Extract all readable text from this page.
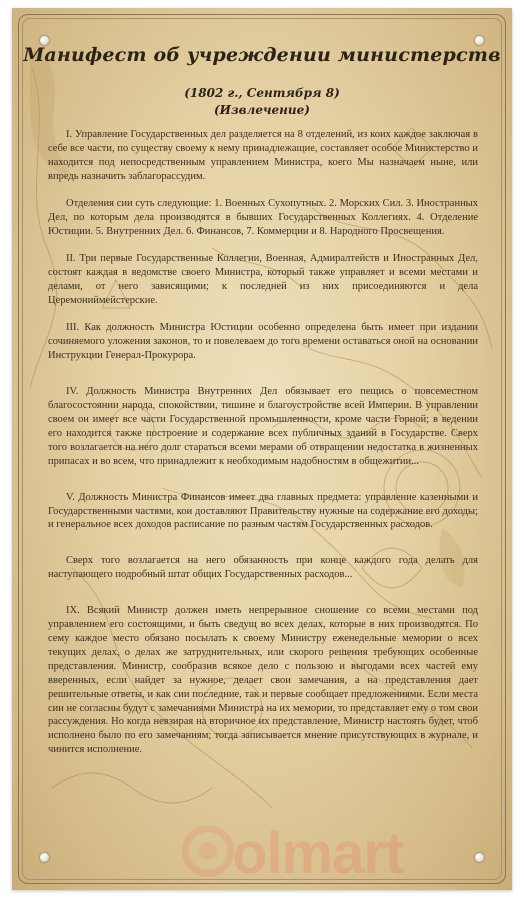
Манифест об учреждении министерств
(1802 г., Сентября 8)
(Извлечение)

I. Управление Государственных дел разделяется на 8 отделений, из коих каждое заключая в себе все части, по существу своему к нему принадлежащие, составляет особое Министерство и находится под непосредственным управлением Министра, коего Мы назначаем ныне, или впредь назначить заблагорассудим.

Отделения сии суть следующие: 1. Военных Сухопутных. 2. Морских Сил. 3. Иностранных Дел, по которым дела производятся в бывших Государственных Коллегиях. 4. Отделение Юстиции. 5. Внутренних Дел. 6. Финансов, 7. Коммерции и 8. Народного Просвещения.

II. Три первые Государственные Коллегии, Военная, Адмиралтейств и Иностранных Дел, состоят каждая в ведомстве своего Министра, который также управляет и всеми местами и делами, от него зависящими; к последней из них присоединяются и дела Церемониймейстерские.

III. Как должность Министра Юстиции особенно определена быть имеет при издании сочиняемого уложения законов, то и повелеваем до того времени оставаться оной на основании Инструкции Генерал-Прокурора.

IV. Должность Министра Внутренних Дел обязывает его пещись о повсеместном благосостоянии народа, спокойствии, тишине и благоустройстве всей Империи. В управлении своем он имеет все части Государственной промышленности, кроме части Горной; в ведении его находится также построение и содержание всех публичных зданий в Государстве. Сверх того возлагается на него долг стараться всеми мерами об отвращении недостатка в жизненных припасах и во всем, что принадлежит к необходимым надобностям в общежитии...

V. Должность Министра Финансов имеет два главных предмета: управление казенными и Государственными частями, кои доставляют Правительству нужные на содержание его доходы; и генеральное всех доходов расписание по разным частям Государственных расходов.

Сверх того возлагается на него обязанность при конце каждого года делать для наступающего подробный штат общих Государственных расходов...

IX. Всякий Министр должен иметь непрерывное сношение со всеми местами под управлением его состоящими, и быть сведущ во всех делах, которые в них производятся. По сему каждое место обязано посылать к своему Министру еженедельные мемории о всех текущих делах, о делах же затруднительных, или скорого решения требующих особенные представления. Министр, сообразив всякое дело с пользою и выгодами всех частей ему вверенных, если найдет за нужное, делает свои замечания, а на представления дает решительные ответы, и как сии последние, так и первые сообщает предложениями. Если места сии не согласны будут с замечаниями Министра на их мемории, то представляет ему о том свои рассуждения. Но когда невзирая на вторичное их представление, Министр настоять будет, чтоб исполнено было по его замечаниям; тогда записывается мнение присутствующих в журнале, и чинится исполнение.

olmart
